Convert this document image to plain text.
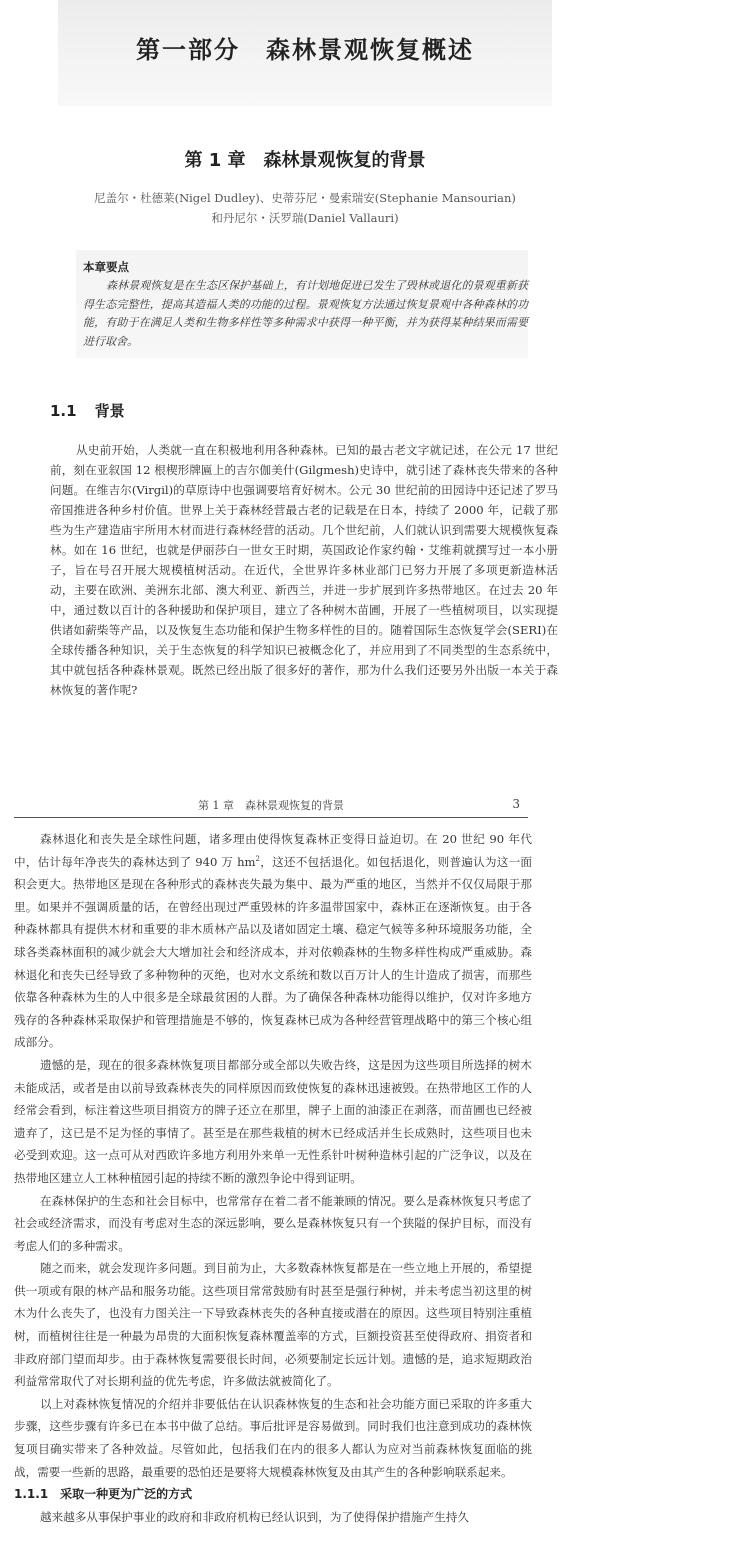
第一部分　森林景观恢复概述
第 1 章　森林景观恢复的背景
尼盖尔・杜德莱(Nigel Dudley)、史蒂芬尼・曼索瑞安(Stephanie Mansourian)
和丹尼尔・沃罗瑞(Daniel Vallauri)
本章要点
森林景观恢复是在生态区保护基础上，有计划地促进已发生了毁林或退化的景观重新获得生态完整性，提高其造福人类的功能的过程。景观恢复方法通过恢复景观中各种森林的功能，有助于在满足人类和生物多样性等多种需求中获得一种平衡，并为获得某种结果而需要进行取舍。
1.1 背景
从史前开始，人类就一直在积极地利用各种森林。已知的最古老文字就记述，在公元 17 世纪前，刻在亚叙国 12 根楔形牌匾上的吉尔伽美什(Gilgmesh)史诗中，就引述了森林丧失带来的各种问题。在维吉尔(Virgil)的草原诗中也强调要培育好树木。公元 30 世纪前的田园诗中还记述了罗马帝国推进各种乡村价值。世界上关于森林经营最古老的记载是在日本，持续了 2000 年，记载了那些为生产建造庙宇所用木材而进行森林经营的活动。几个世纪前，人们就认识到需要大规模恢复森林。如在 16 世纪，也就是伊丽莎白一世女王时期，英国政论作家约翰・艾维莉就撰写过一本小册子，旨在号召开展大规模植树活动。在近代，全世界许多林业部门已努力开展了多项更新造林活动，主要在欧洲、美洲东北部、澳大利亚、新西兰，并进一步扩展到许多热带地区。在过去 20 年中，通过数以百计的各种援助和保护项目，建立了各种树木苗圃，开展了一些植树项目，以实现提供诸如薪柴等产品，以及恢复生态功能和保护生物多样性的目的。随着国际生态恢复学会(SERI)在全球传播各种知识，关于生态恢复的科学知识已被概念化了，并应用到了不同类型的生态系统中，其中就包括各种森林景观。既然已经出版了很多好的著作，那为什么我们还要另外出版一本关于森林恢复的著作呢?
第 1 章　森林景观恢复的背景	3

森林退化和丧失是全球性问题，诸多理由使得恢复森林正变得日益迫切。在 20 世纪 90 年代中，估计每年净丧失的森林达到了 940 万 $hm^2$，这还不包括退化。如包括退化，则普遍认为这一面积会更大。热带地区是现在各种形式的森林丧失最为集中、最为严重的地区，当然并不仅仅局限于那里。如果并不强调质量的话，在曾经出现过严重毁林的许多温带国家中，森林正在逐渐恢复。由于各种森林都具有提供木材和重要的非木质林产品以及诸如固定土壤、稳定气候等多种环境服务功能，全球各类森林面积的减少就会大大增加社会和经济成本，并对依赖森林的生物多样性构成严重威胁。森林退化和丧失已经导致了多种物种的灭绝，也对水文系统和数以百万计人的生计造成了损害，而那些依靠各种森林为生的人中很多是全球最贫困的人群。为了确保各种森林功能得以维护，仅对许多地方残存的各种森林采取保护和管理措施是不够的，恢复森林已成为各种经营管理战略中的第三个核心组成部分。

遗憾的是，现在的很多森林恢复项目都部分或全部以失败告终，这是因为这些项目所选择的树木未能成活，或者是由以前导致森林丧失的同样原因而致使恢复的森林迅速被毁。在热带地区工作的人经常会看到，标注着这些项目捐资方的牌子还立在那里，牌子上面的油漆正在剥落，而苗圃也已经被遗弃了，这已是不足为怪的事情了。甚至是在那些栽植的树木已经成活并生长成熟时，这些项目也未必受到欢迎。这一点可从对西欧许多地方利用外来单一无性系针叶树种造林引起的广泛争议，以及在热带地区建立人工林种植园引起的持续不断的激烈争论中得到证明。

在森林保护的生态和社会目标中，也常常存在着二者不能兼顾的情况。要么是森林恢复只考虑了社会或经济需求，而没有考虑对生态的深远影响，要么是森林恢复只有一个狭隘的保护目标，而没有考虑人们的多种需求。

随之而来，就会发现许多问题。到目前为止，大多数森林恢复都是在一些立地上开展的，希望提供一项或有限的林产品和服务功能。这些项目常常鼓励有时甚至是强行种树，并未考虑当初这里的树木为什么丧失了，也没有力图关注一下导致森林丧失的各种直接或潜在的原因。这些项目特别注重植树，而植树往往是一种最为昂贵的大面积恢复森林覆盖率的方式，巨额投资甚至使得政府、捐资者和非政府部门望而却步。由于森林恢复需要很长时间，必须要制定长远计划。遗憾的是，追求短期政治利益常常取代了对长期利益的优先考虑，许多做法就被简化了。

以上对森林恢复情况的介绍并非要低估在认识森林恢复的生态和社会功能方面已采取的许多重大步骤，这些步骤有许多已在本书中做了总结。事后批评是容易做到。同时我们也注意到成功的森林恢复项目确实带来了各种效益。尽管如此，包括我们在内的很多人都认为应对当前森林恢复面临的挑战，需要一些新的思路，最重要的恐怕还是要将大规模森林恢复及由其产生的各种影响联系起来。

1.1.1 采取一种更为广泛的方式

越来越多从事保护事业的政府和非政府机构已经认识到，为了使得保护措施产生持久
